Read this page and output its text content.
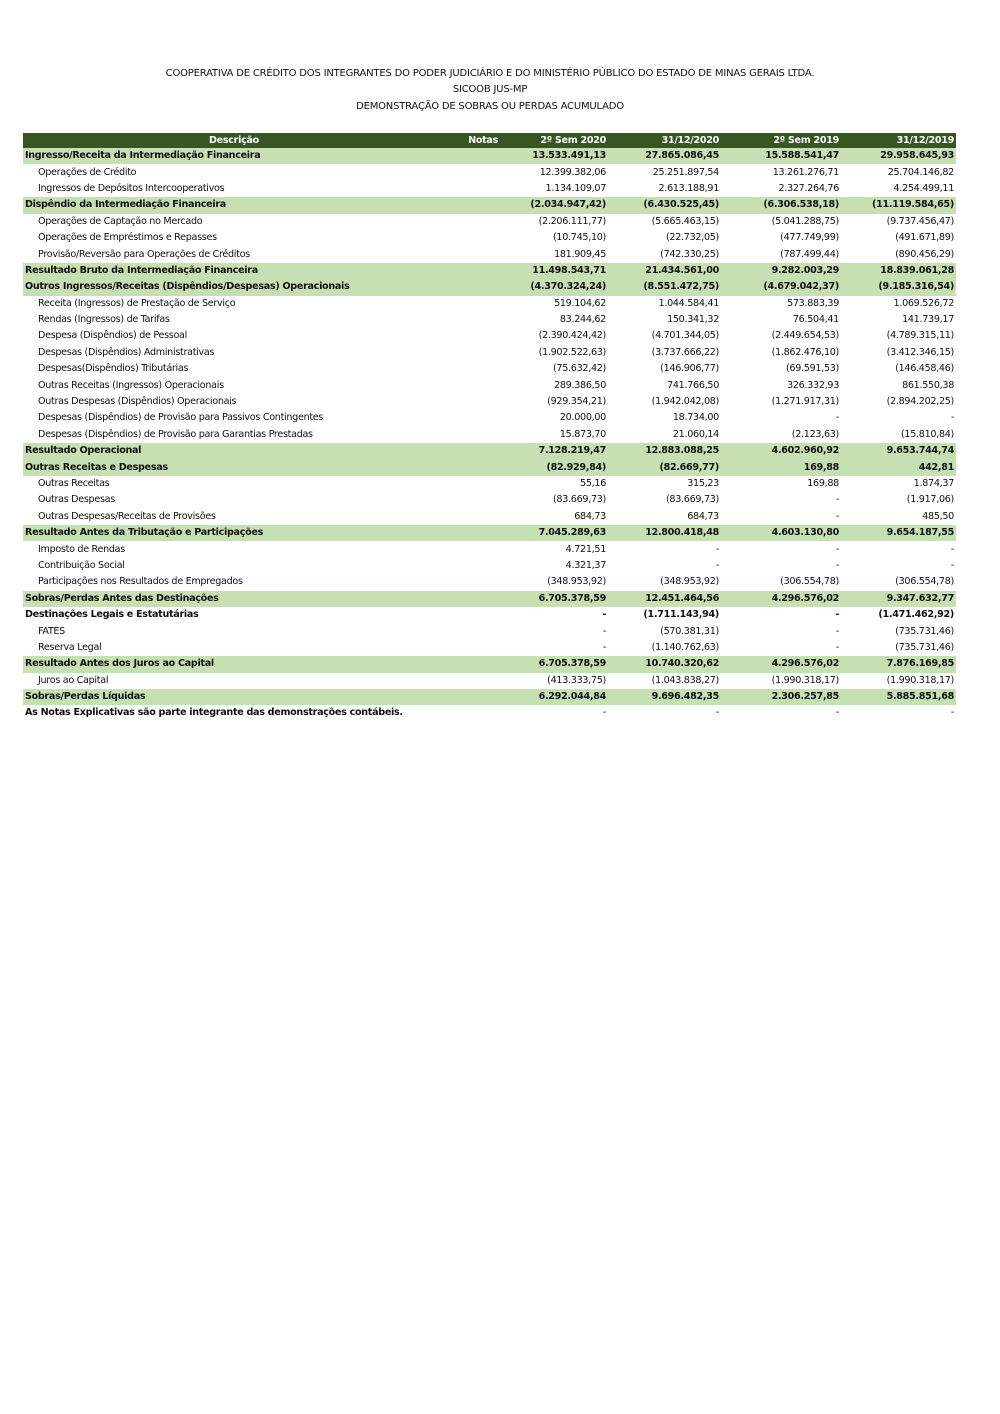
COOPERATIVA DE CRÉDITO DOS INTEGRANTES DO PODER JUDICIÁRIO E DO MINISTÉRIO PÚBLICO DO ESTADO DE MINAS GERAIS LTDA.
SICOOB JUS-MP
DEMONSTRAÇÃO DE SOBRAS OU PERDAS ACUMULADO
Descrição	Notas	2º Sem 2020	31/12/2020	2º Sem 2019	31/12/2019
Ingresso/Receita da Intermediação Financeira		13.533.491,13	27.865.086,45	15.588.541,47	29.958.645,93
Operações de Crédito		12.399.382,06	25.251.897,54	13.261.276,71	25.704.146,82
Ingressos de Depósitos Intercooperativos		1.134.109,07	2.613.188,91	2.327.264,76	4.254.499,11
Dispêndio da Intermediação Financeira		(2.034.947,42)	(6.430.525,45)	(6.306.538,18)	(11.119.584,65)
Operações de Captação no Mercado		(2.206.111,77)	(5.665.463,15)	(5.041.288,75)	(9.737.456,47)
Operações de Empréstimos e Repasses		(10.745,10)	(22.732,05)	(477.749,99)	(491.671,89)
Provisão/Reversão para Operações de Créditos		181.909,45	(742.330,25)	(787.499,44)	(890.456,29)
Resultado Bruto da Intermediação Financeira		11.498.543,71	21.434.561,00	9.282.003,29	18.839.061,28
Outros Ingressos/Receitas (Dispêndios/Despesas) Operacionais		(4.370.324,24)	(8.551.472,75)	(4.679.042,37)	(9.185.316,54)
Receita (Ingressos) de Prestação de Serviço		519.104,62	1.044.584,41	573.883,39	1.069.526,72
Rendas (Ingressos) de Tarifas		83.244,62	150.341,32	76.504,41	141.739,17
Despesa (Dispêndios) de Pessoal		(2.390.424,42)	(4.701.344,05)	(2.449.654,53)	(4.789.315,11)
Despesas (Dispêndios) Administrativas		(1.902.522,63)	(3.737.666,22)	(1.862.476,10)	(3.412.346,15)
Despesas(Dispêndios) Tributárias		(75.632,42)	(146.906,77)	(69.591,53)	(146.458,46)
Outras Receitas (Ingressos) Operacionais		289.386,50	741.766,50	326.332,93	861.550,38
Outras Despesas (Dispêndios) Operacionais		(929.354,21)	(1.942.042,08)	(1.271.917,31)	(2.894.202,25)
Despesas (Dispêndios) de Provisão para Passivos Contingentes		20.000,00	18.734,00	-	-
Despesas (Dispêndios) de Provisão para Garantias Prestadas		15.873,70	21.060,14	(2.123,63)	(15.810,84)
Resultado Operacional		7.128.219,47	12.883.088,25	4.602.960,92	9.653.744,74
Outras Receitas e Despesas		(82.929,84)	(82.669,77)	169,88	442,81
Outras Receitas		55,16	315,23	169,88	1.874,37
Outras Despesas		(83.669,73)	(83.669,73)	-	(1.917,06)
Outras Despesas/Receitas de Provisões		684,73	684,73	-	485,50
Resultado Antes da Tributação e Participações		7.045.289,63	12.800.418,48	4.603.130,80	9.654.187,55
Imposto de Rendas		4.721,51	-	-	-
Contribuição Social		4.321,37	-	-	-
Participações nos Resultados de Empregados		(348.953,92)	(348.953,92)	(306.554,78)	(306.554,78)
Sobras/Perdas Antes das Destinações		6.705.378,59	12.451.464,56	4.296.576,02	9.347.632,77
Destinações Legais e Estatutárias		-	(1.711.143,94)	-	(1.471.462,92)
FATES		-	(570.381,31)	-	(735.731,46)
Reserva Legal		-	(1.140.762,63)	-	(735.731,46)
Resultado Antes dos Juros ao Capital		6.705.378,59	10.740.320,62	4.296.576,02	7.876.169,85
Juros ao Capital		(413.333,75)	(1.043.838,27)	(1.990.318,17)	(1.990.318,17)
Sobras/Perdas Líquidas		6.292.044,84	9.696.482,35	2.306.257,85	5.885.851,68
As Notas Explicativas são parte integrante das demonstrações contábeis.		-	-	-	-
